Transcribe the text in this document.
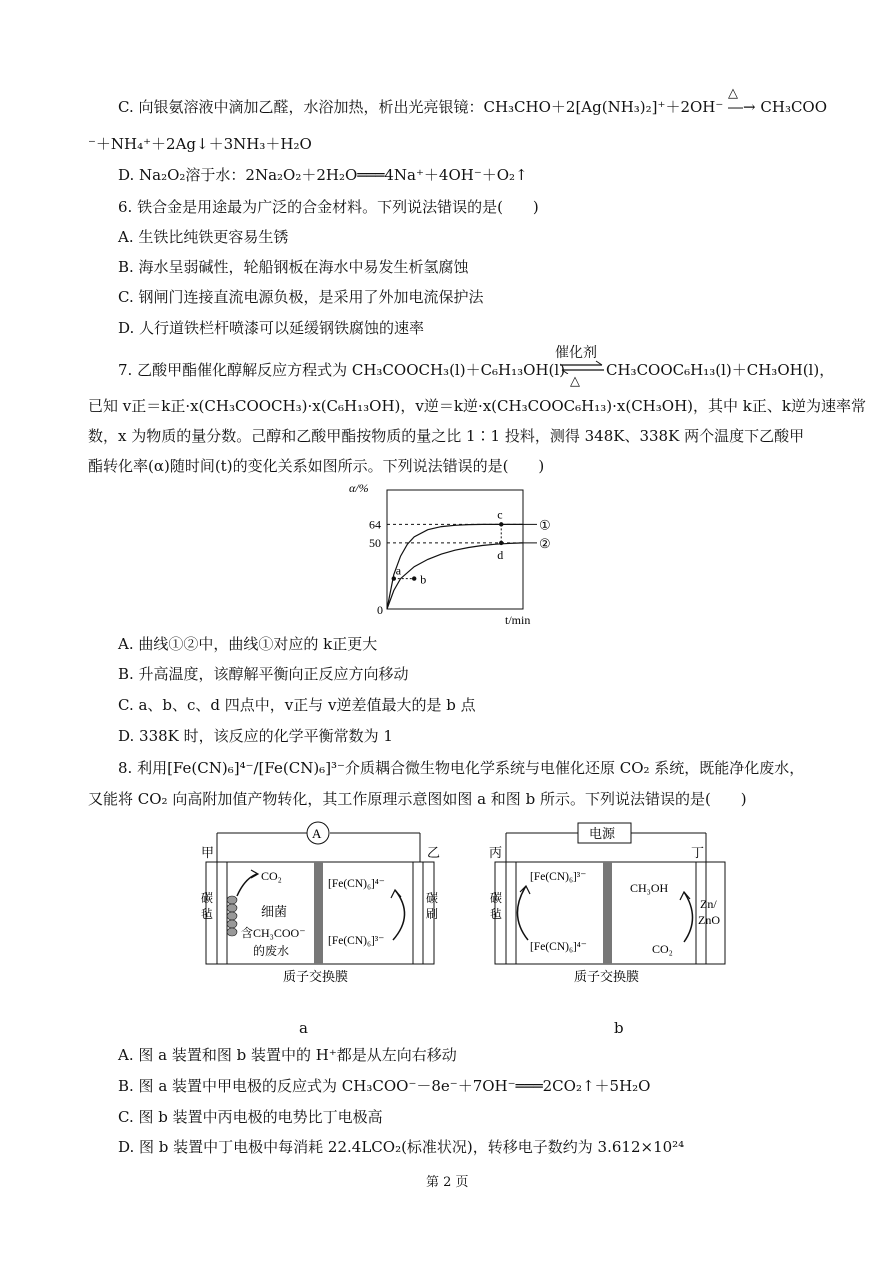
C. 向银氨溶液中滴加乙醛，水浴加热，析出光亮银镜：CH₃CHO＋2[Ag(NH₃)₂]⁺＋2OH⁻ ―→ CH₃COO
△
⁻＋NH₄⁺＋2Ag↓＋3NH₃＋H₂O
D. Na₂O₂溶于水：2Na₂O₂＋2H₂O═══4Na⁺＋4OH⁻＋O₂↑
6. 铁合金是用途最为广泛的合金材料。下列说法错误的是(　　)
A. 生铁比纯铁更容易生锈
B. 海水呈弱碱性，轮船钢板在海水中易发生析氢腐蚀
C. 钢闸门连接直流电源负极，是采用了外加电流保护法
D. 人行道铁栏杆喷漆可以延缓钢铁腐蚀的速率
7. 乙酸甲酯催化醇解反应方程式为 CH₃COOCH₃(l)＋C₆H₁₃OH(l)
催化剂
△
CH₃COOC₆H₁₃(l)＋CH₃OH(l)，
已知 v正＝k正·x(CH₃COOCH₃)·x(C₆H₁₃OH)，v逆＝k逆·x(CH₃COOC₆H₁₃)·x(CH₃OH)，其中 k正、k逆为速率常
数，x 为物质的量分数。己醇和乙酸甲酯按物质的量之比 1∶1 投料，测得 348K、338K 两个温度下乙酸甲
酯转化率(α)随时间(t)的变化关系如图所示。下列说法错误的是(　　)
α/%
t/min
0
64
50
a
b
c
d
①
②
A. 曲线①②中，曲线①对应的 k正更大
B. 升高温度，该醇解平衡向正反应方向移动
C. a、b、c、d 四点中，v正与 v逆差值最大的是 b 点
D. 338K 时，该反应的化学平衡常数为 1
8. 利用[Fe(CN)₆]⁴⁻/[Fe(CN)₆]³⁻介质耦合微生物电化学系统与电催化还原 CO₂ 系统，既能净化废水，
又能将 CO₂ 向高附加值产物转化，其工作原理示意图如图 a 和图 b 所示。下列说法错误的是(　　)
A
甲	乙
碳
毡
碳
刷
CO₂
细菌
含CH₃COO⁻
的废水
[Fe(CN)₆]⁴⁻
[Fe(CN)₆]³⁻
质子交换膜
a
电源
丙	丁
碳
毡
Zn/
ZnO
[Fe(CN)₆]³⁻
[Fe(CN)₆]⁴⁻
CH₃OH
CO₂
质子交换膜
b
A. 图 a 装置和图 b 装置中的 H⁺都是从左向右移动
B. 图 a 装置中甲电极的反应式为 CH₃COO⁻－8e⁻＋7OH⁻═══2CO₂↑＋5H₂O
C. 图 b 装置中丙电极的电势比丁电极高
D. 图 b 装置中丁电极中每消耗 22.4LCO₂(标准状况)，转移电子数约为 3.612×10²⁴
第 2 页
